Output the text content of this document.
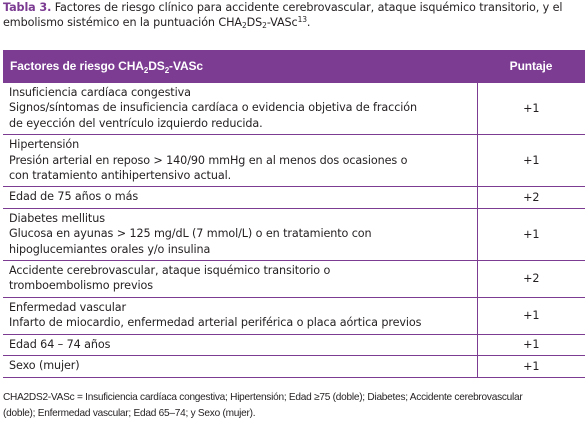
Tabla 3. Factores de riesgo clínico para accidente cerebrovascular, ataque isquémico transitorio, y el embolismo sistémico en la puntuación $CHA_2DS_2-VASc^{13}$.
Factores de riesgo $CHA_2DS_2$-VASc	Puntaje

Insuficiencia cardíaca congestiva
Signos/síntomas de insuficiencia cardíaca o evidencia objetiva de fracción
de eyección del ventrículo izquierdo reducida.	+1

Hipertensión
Presión arterial en reposo > 140/90 mmHg en al menos dos ocasiones o
con tratamiento antihipertensivo actual.	+1

Edad de 75 años o más	+2

Diabetes mellitus
Glucosa en ayunas > 125 mg/dL (7 mmol/L) o en tratamiento con
hipoglucemiantes orales y/o insulina	+1

Accidente cerebrovascular, ataque isquémico transitorio o
tromboembolismo previos	+2

Enfermedad vascular
Infarto de miocardio, enfermedad arterial periférica o placa aórtica previos	+1

Edad 64 – 74 años	+1

Sexo (mujer)	+1
CHA2DS2-VASc = Insuficiencia cardíaca congestiva; Hipertensión; Edad ≥75 (doble); Diabetes; Accidente cerebrovascular
(doble); Enfermedad vascular; Edad 65–74; y Sexo (mujer).
